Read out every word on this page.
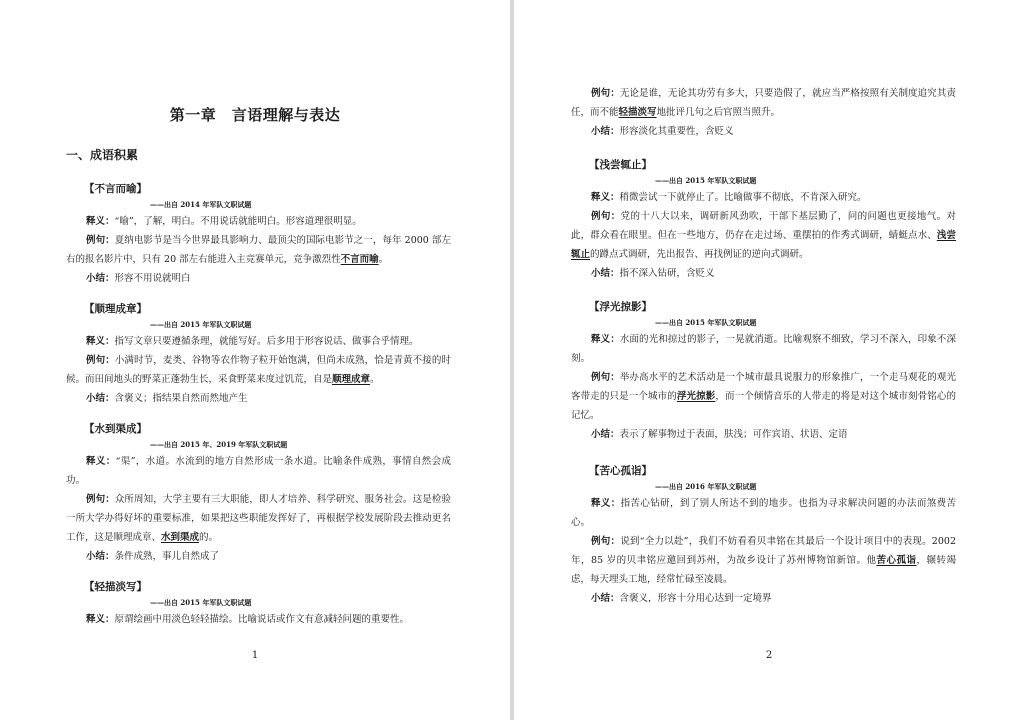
第一章　言语理解与表达
一、成语积累
【不言而喻】
——出自 2014 年军队文职试题

释义：“喻”，了解，明白。不用说话就能明白。形容道理很明显。

例句：夏纳电影节是当今世界最具影响力、最顶尖的国际电影节之一，每年 2000 部左右的报名影片中，只有 20 部左右能进入主竞赛单元，竞争激烈性不言而喻。

小结：形容不用说就明白

【顺理成章】
——出自 2015 年军队文职试题

释义：指写文章只要遵循条理，就能写好。后多用于形容说话、做事合乎情理。

例句：小满时节，麦类、谷物等农作物子粒开始饱满，但尚未成熟，恰是青黄不接的时候。而田间地头的野菜正蓬勃生长，采食野菜来度过饥荒，自是顺理成章。

小结：含褒义；指结果自然而然地产生

【水到渠成】
——出自 2015 年、2019 年军队文职试题

释义：“渠”，水道。水流到的地方自然形成一条水道。比喻条件成熟，事情自然会成功。

例句：众所周知，大学主要有三大职能，即人才培养、科学研究、服务社会。这是检验一所大学办得好坏的重要标准，如果把这些职能发挥好了，再根据学校发展阶段去推动更名工作，这是顺理成章、水到渠成的。

小结：条件成熟，事儿自然成了

【轻描淡写】
——出自 2015 年军队文职试题

释义：原谓绘画中用淡色轻轻描绘。比喻说话或作文有意减轻问题的重要性。

1

例句：无论是谁，无论其功劳有多大，只要造假了，就应当严格按照有关制度追究其责任，而不能轻描淡写地批评几句之后官照当照升。

小结：形容淡化其重要性，含贬义

【浅尝辄止】
——出自 2015 年军队文职试题

释义：稍微尝试一下就停止了。比喻做事不彻底，不肯深入研究。

例句：党的十八大以来，调研新风劲吹，干部下基层勤了，问的问题也更接地气。对此，群众看在眼里。但在一些地方，仍存在走过场、重摆拍的作秀式调研，蜻蜓点水、浅尝辄止的蹲点式调研，先出报告、再找例证的逆向式调研。

小结：指不深入钻研，含贬义

【浮光掠影】
——出自 2015 年军队文职试题

释义：水面的光和掠过的影子，一晃就消逝。比喻观察不细致，学习不深入，印象不深刻。

例句：举办高水平的艺术活动是一个城市最具说服力的形象推广，一个走马观花的观光客带走的只是一个城市的浮光掠影，而一个倾情音乐的人带走的将是对这个城市刻骨铭心的记忆。

小结：表示了解事物过于表面，肤浅；可作宾语、状语、定语

【苦心孤诣】
——出自 2016 年军队文职试题

释义：指苦心钻研，到了别人所达不到的地步。也指为寻求解决问题的办法而煞费苦心。

例句：说到“全力以赴”，我们不妨看看贝聿铭在其最后一个设计项目中的表现。2002 年，85 岁的贝聿铭应邀回到苏州，为故乡设计了苏州博物馆新馆。他苦心孤诣，辗转竭虑，每天埋头工地，经常忙碌至凌晨。

小结：含褒义，形容十分用心达到一定境界

2
